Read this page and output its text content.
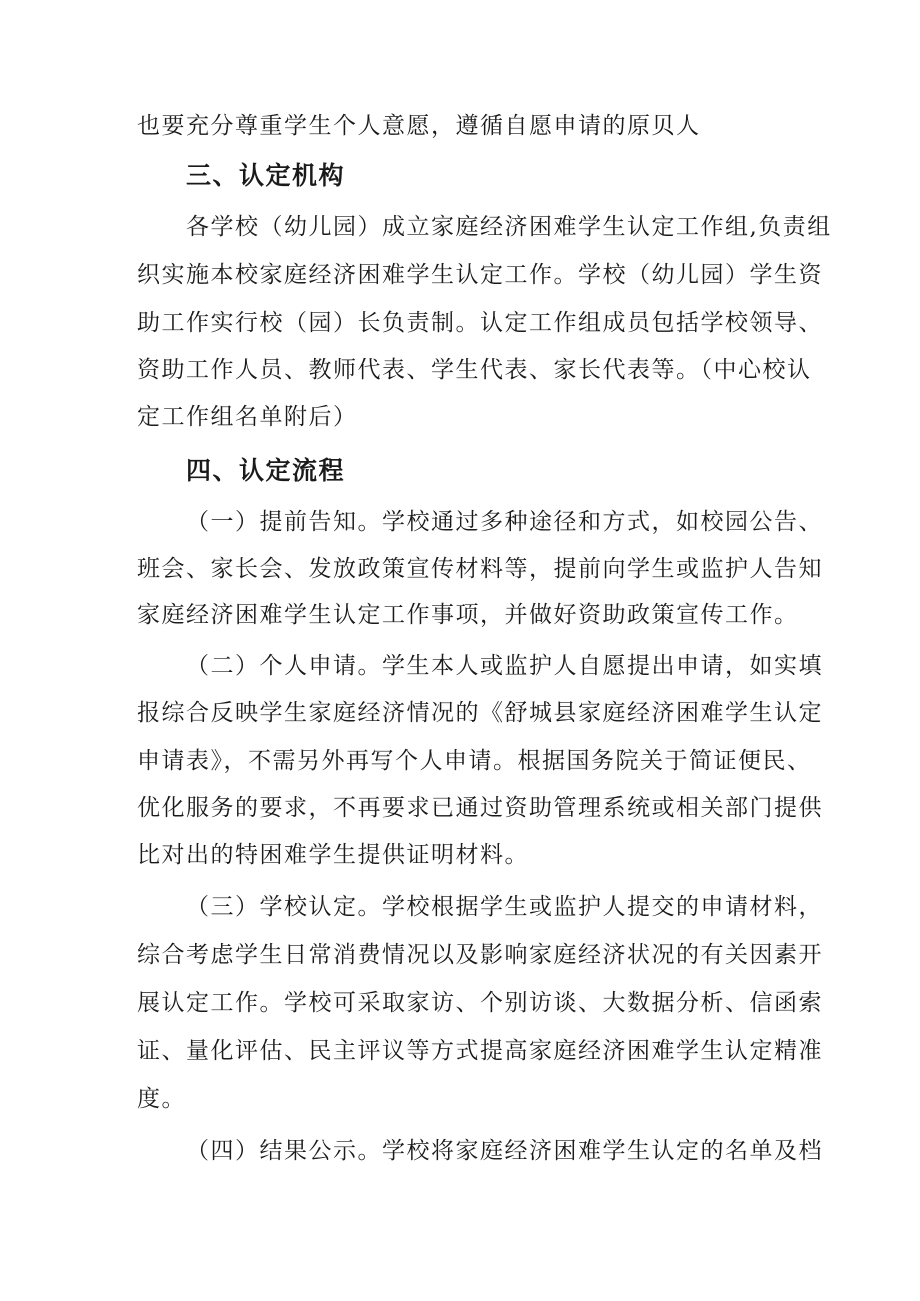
也要充分尊重学生个人意愿，遵循自愿申请的原贝人
三、认定机构
各学校（幼儿园）成立家庭经济困难学生认定工作组,负责组
织实施本校家庭经济困难学生认定工作。学校（幼儿园）学生资
助工作实行校（园）长负责制。认定工作组成员包括学校领导、
资助工作人员、教师代表、学生代表、家长代表等。（中心校认
定工作组名单附后）
四、认定流程
（一）提前告知。学校通过多种途径和方式，如校园公告、
班会、家长会、发放政策宣传材料等，提前向学生或监护人告知
家庭经济困难学生认定工作事项，并做好资助政策宣传工作。
（二）个人申请。学生本人或监护人自愿提出申请，如实填
报综合反映学生家庭经济情况的《舒城县家庭经济困难学生认定
申请表》，不需另外再写个人申请。根据国务院关于简证便民、
优化服务的要求，不再要求已通过资助管理系统或相关部门提供
比对出的特困难学生提供证明材料。
（三）学校认定。学校根据学生或监护人提交的申请材料，
综合考虑学生日常消费情况以及影响家庭经济状况的有关因素开
展认定工作。学校可采取家访、个别访谈、大数据分析、信函索
证、量化评估、民主评议等方式提高家庭经济困难学生认定精准
度。
（四）结果公示。学校将家庭经济困难学生认定的名单及档
